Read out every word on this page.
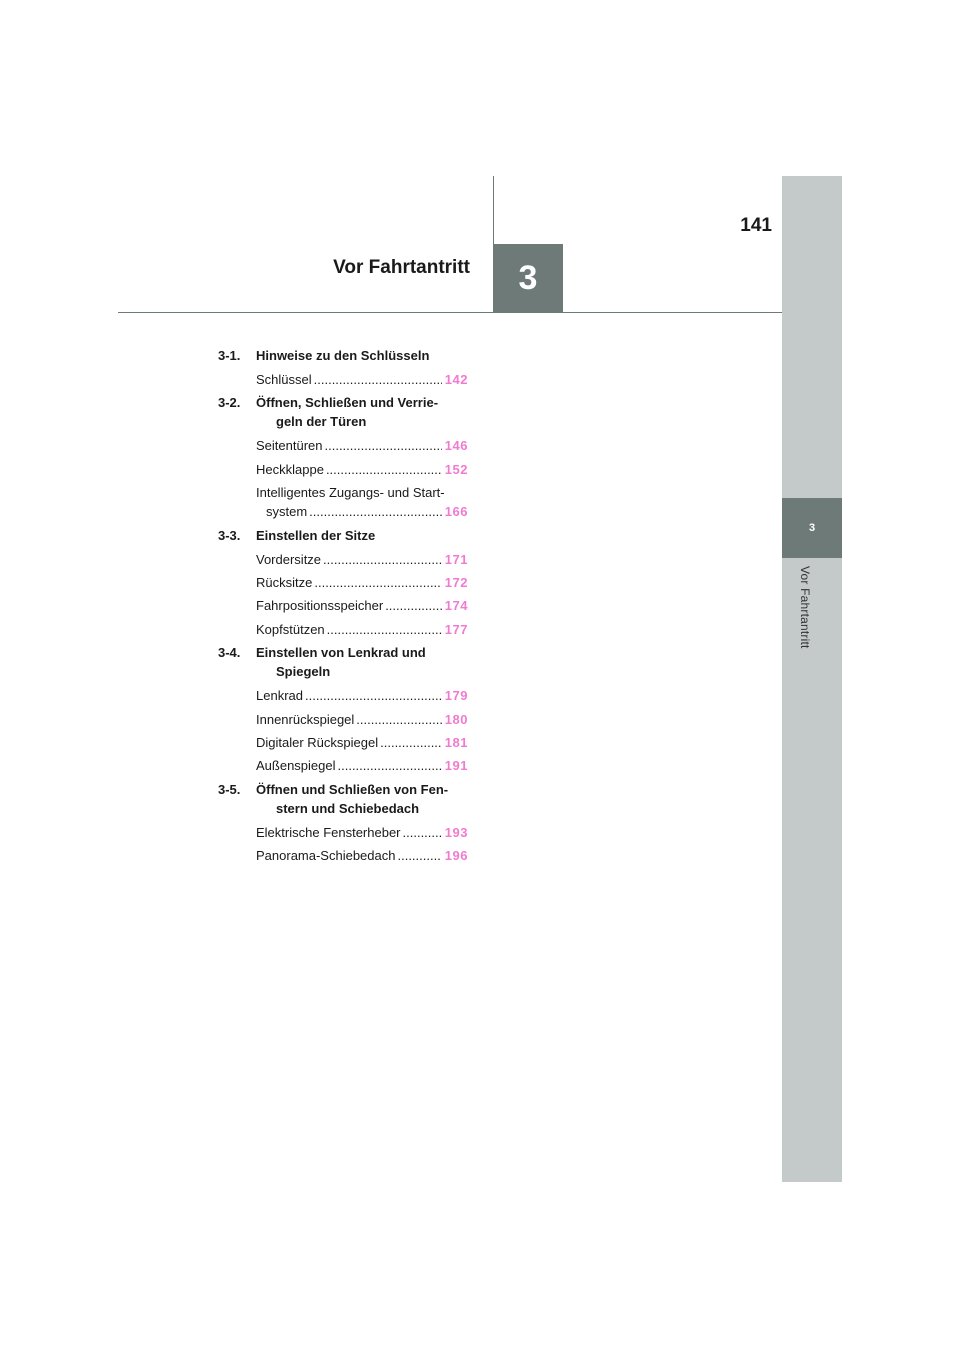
3
Vor Fahrtantritt
141
Vor Fahrtantritt 3
3-1. Hinweise zu den Schlüsseln
Schlüssel .....	142
3-2. Öffnen, Schließen und Verrie-
geln der Türen
Seitentüren .....	146
Heckklappe .....	152
Intelligentes Zugangs- und Start-
system .....	166
3-3. Einstellen der Sitze
Vordersitze .....	171
Rücksitze .....	172
Fahrpositionsspeicher .....	174
Kopfstützen .....	177
3-4. Einstellen von Lenkrad und
Spiegeln
Lenkrad .....	179
Innenrückspiegel .....	180
Digitaler Rückspiegel .....	181
Außenspiegel .....	191
3-5. Öffnen und Schließen von Fen-
stern und Schiebedach
Elektrische Fensterheber .....	193
Panorama-Schiebedach .....	196
